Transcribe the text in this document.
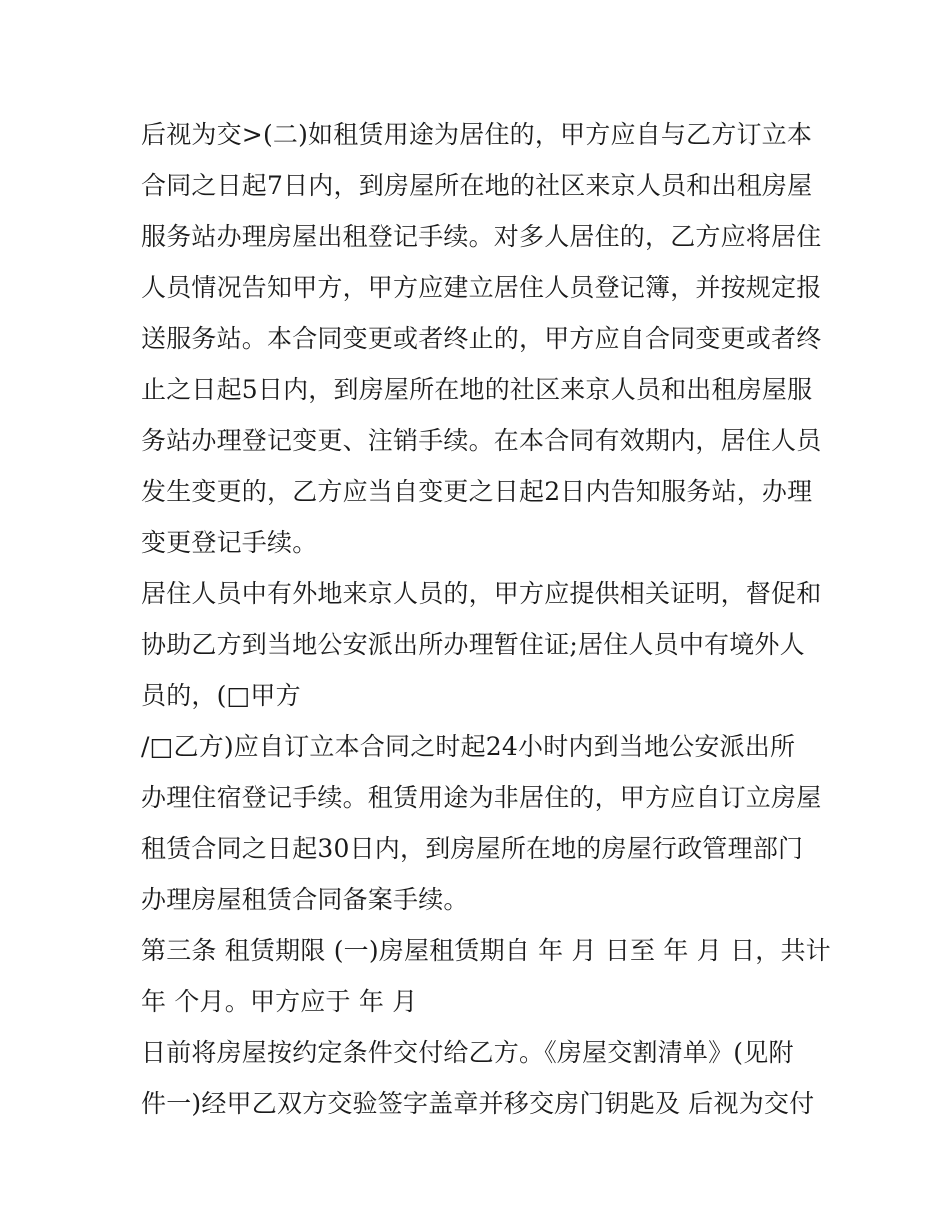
后视为交>(二)如租赁用途为居住的，甲方应自与乙方订立本
合同之日起7日内，到房屋所在地的社区来京人员和出租房屋
服务站办理房屋出租登记手续。对多人居住的，乙方应将居住
人员情况告知甲方，甲方应建立居住人员登记簿，并按规定报
送服务站。本合同变更或者终止的，甲方应自合同变更或者终
止之日起5日内，到房屋所在地的社区来京人员和出租房屋服
务站办理登记变更、注销手续。在本合同有效期内，居住人员
发生变更的，乙方应当自变更之日起2日内告知服务站，办理
变更登记手续。
居住人员中有外地来京人员的，甲方应提供相关证明，督促和
协助乙方到当地公安派出所办理暂住证;居住人员中有境外人
员的，(□甲方
/□乙方)应自订立本合同之时起24小时内到当地公安派出所
办理住宿登记手续。租赁用途为非居住的，甲方应自订立房屋
租赁合同之日起30日内，到房屋所在地的房屋行政管理部门
办理房屋租赁合同备案手续。
第三条 租赁期限 (一)房屋租赁期自 年 月 日至 年 月 日，共计
年 个月。甲方应于 年 月
日前将房屋按约定条件交付给乙方。《房屋交割清单》(见附
件一)经甲乙双方交验签字盖章并移交房门钥匙及 后视为交付
